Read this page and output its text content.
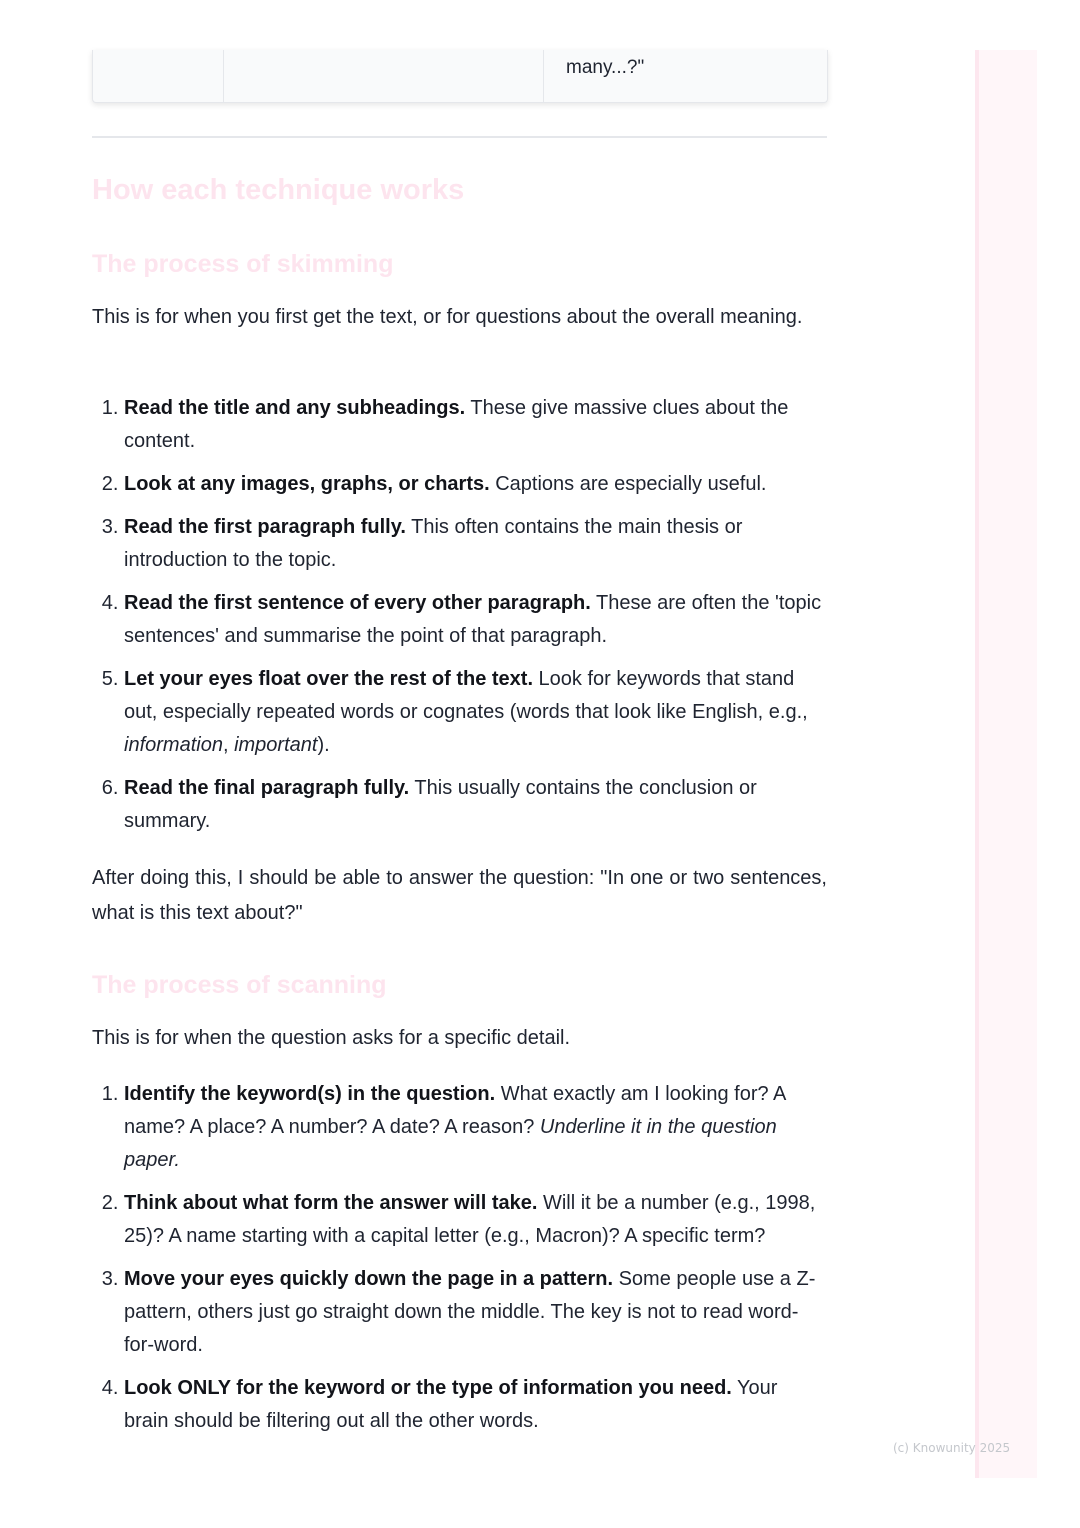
many...?"
How each technique works
The process of skimming

This is for when you first get the text, or for questions about the overall meaning.

1. Read the title and any subheadings. These give massive clues about the content.
2. Look at any images, graphs, or charts. Captions are especially useful.
3. Read the first paragraph fully. This often contains the main thesis or introduction to the topic.
4. Read the first sentence of every other paragraph. These are often the 'topic sentences' and summarise the point of that paragraph.
5. Let your eyes float over the rest of the text. Look for keywords that stand out, especially repeated words or cognates (words that look like English, e.g., information, important).
6. Read the final paragraph fully. This usually contains the conclusion or summary.

After doing this, I should be able to answer the question: "In one or two sentences, what is this text about?"

The process of scanning

This is for when the question asks for a specific detail.

1. Identify the keyword(s) in the question. What exactly am I looking for? A name? A place? A number? A date? A reason? Underline it in the question paper.
2. Think about what form the answer will take. Will it be a number (e.g., 1998, 25)? A name starting with a capital letter (e.g., Macron)? A specific term?
3. Move your eyes quickly down the page in a pattern. Some people use a Z-pattern, others just go straight down the middle. The key is not to read word-for-word.
4. Look ONLY for the keyword or the type of information you need. Your brain should be filtering out all the other words.
(c) Knowunity 2025
